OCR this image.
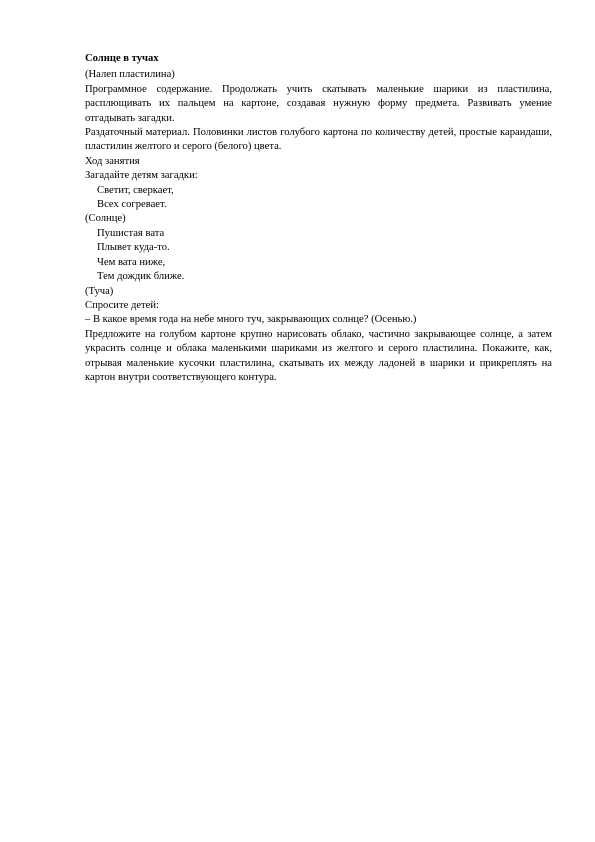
Солнце в тучах

(Налеп пластилина)

Программное содержание. Продолжать учить скатывать маленькие шарики из пластилина, расплющивать их пальцем на картоне, создавая нужную форму предмета. Развивать умение отгадывать загадки.

Раздаточный материал. Половинки листов голубого картона по количеству детей, простые карандаши, пластилин желтого и серого (белого) цвета.

Ход занятия

Загадайте детям загадки:

Светит, сверкает,

Всех согревает.

(Солнце)

Пушистая вата

Плывет куда-то.

Чем вата ниже,

Тем дождик ближе.

(Туча)

Спросите детей:

– В какое время года на небе много туч, закрывающих солнце? (Осенью.)

Предложите на голубом картоне крупно нарисовать облако, частично закрывающее солнце, а затем украсить солнце и облака маленькими шариками из желтого и серого пластилина. Покажите, как, отрывая маленькие кусочки пластилина, скатывать их между ладоней в шарики и прикреплять на картон внутри соответствующего контура.
